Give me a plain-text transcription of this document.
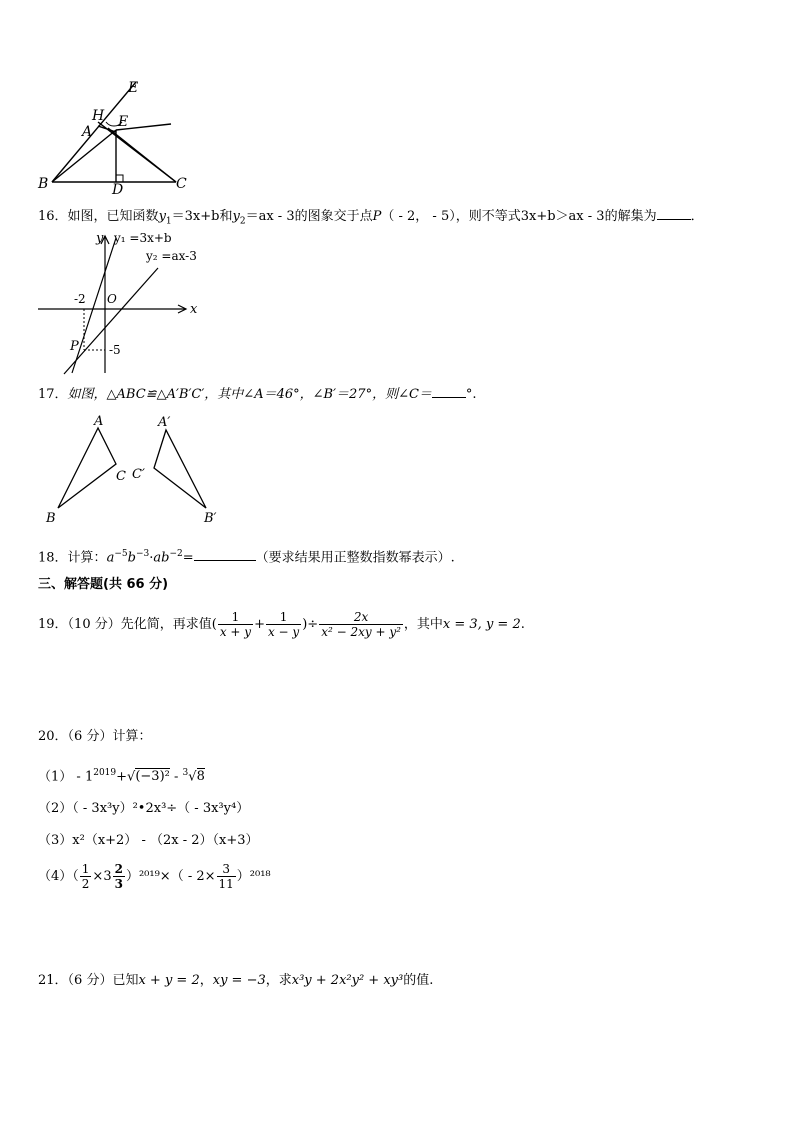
E
H
A
E
B	D	C
16．如图，已知函数$y_1=3x+b$和$y_2=ax - 3$的图象交于点P（ - 2， - 5），则不等式3x+b＞ax - 3的解集为	．
y y₁ =3x+b
y₂ =ax-3
x
-2 O
P	-5
17．如图，△ABC≌△A′B′C′，其中∠A＝46°，∠B′＝27°，则∠C＝	°.
A
B
C
A′
C′
B′
18．计算：$a^{-5}b^{-3}\cdot ab^{-2}=$	（要求结果用正整数指数幂表示）.
三、解答题(共 66 分)
19．（10 分）先化简，再求值( $\frac{1}{x + y} + \frac{1}{x - y}$ )÷ $\frac{2x}{\text{x² − 2xy + y²}}$ ，其中x = 3, y = 2.
20．（6 分）计算：
$(1) - 1^{2019}+√(-3)^2 - ^3√8$
（2）（ - 3x³y）²•2x³÷（ - 3x³y⁴）
（3）x²（x+2） - （2x - 2）（x+3）
$(4)( \frac{1}{2} \times 3 \frac{2}{3} )^{2019}\times( - 2\times \frac{3}{11} )^{2018}$
21．（6 分）已知x + y = 2，xy = −3，求x³y + 2x²y² + xy³的值.
